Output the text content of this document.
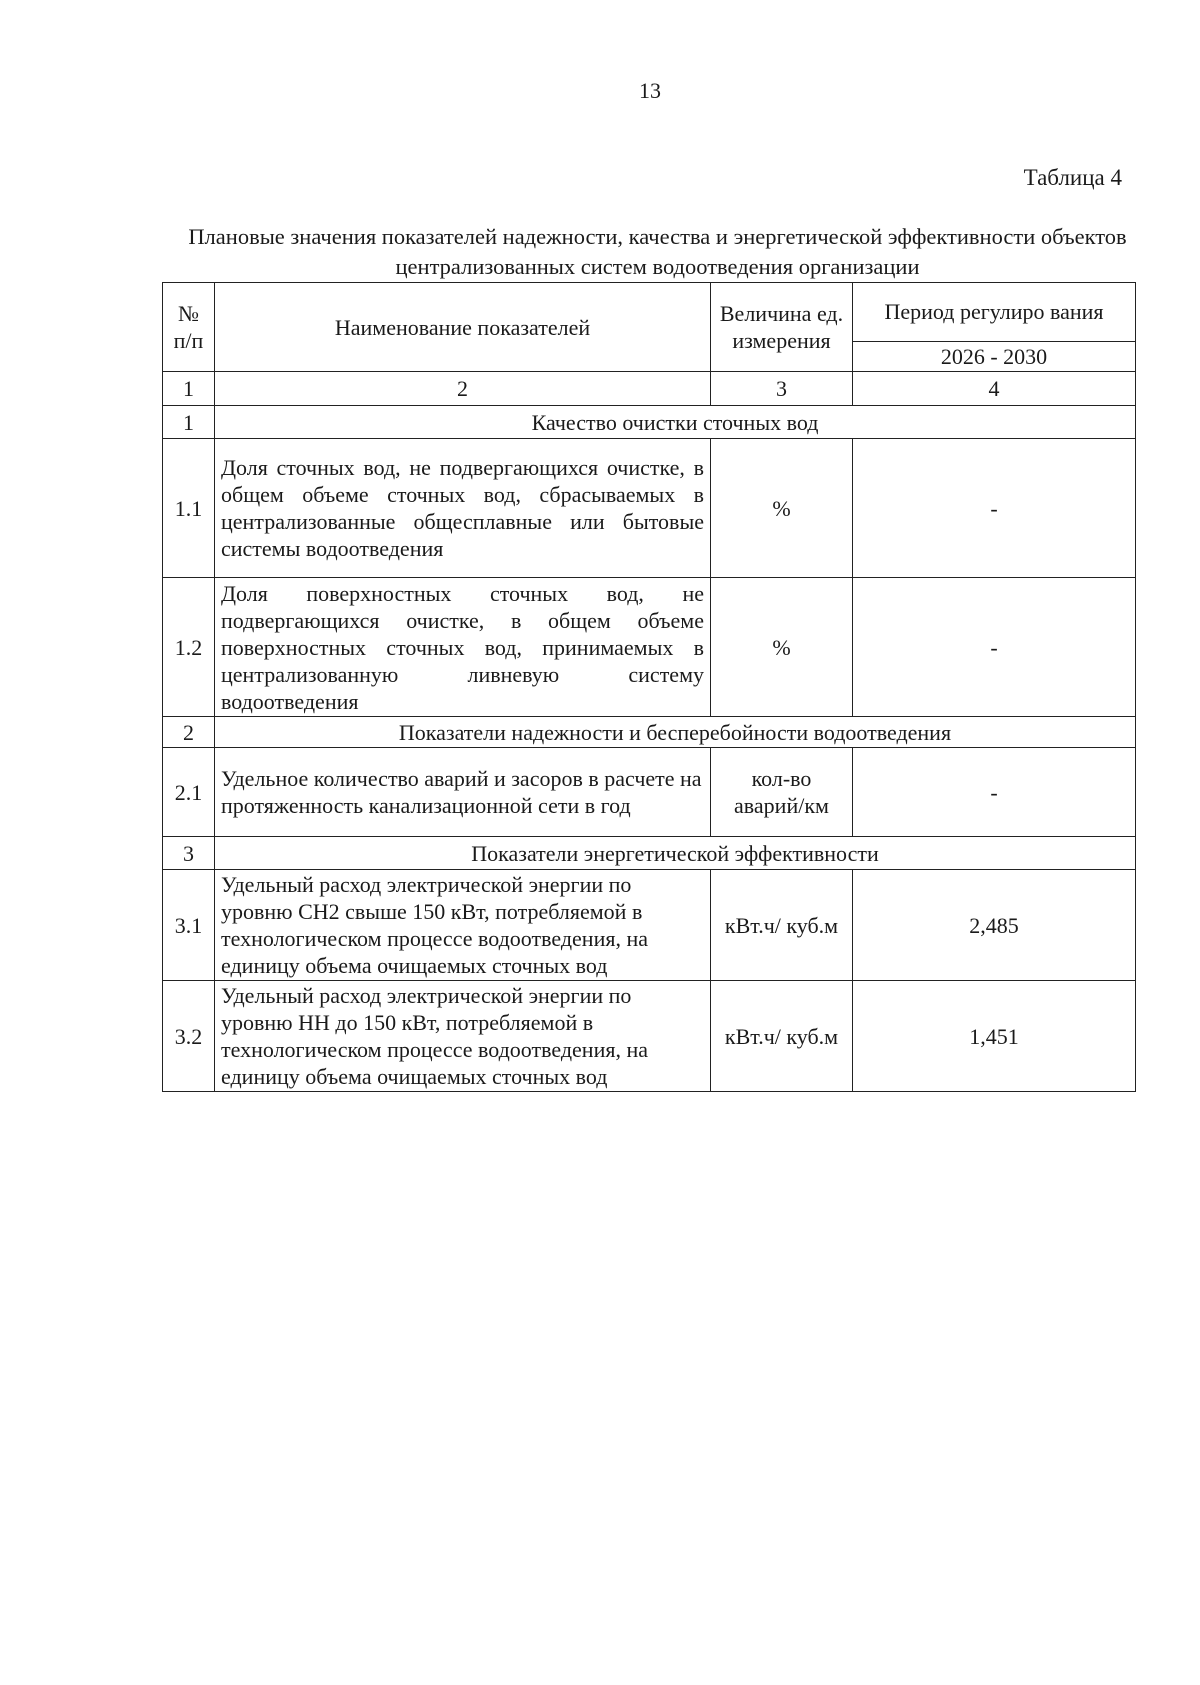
13
Таблица 4
Плановые значения показателей надежности, качества и энергетической эффективности объектов централизованных систем водоотведения организации
№ п/п	Наименование показателей	Величина ед. измерения	Период регулиро вания
			2026 - 2030
1	2	3	4
1	Качество очистки сточных вод		
1.1	Доля сточных вод, не подвергающихся очистке, в общем объеме сточных вод, сбрасываемых в централизованные общесплавные или бытовые системы водоотведения	%	-
1.2	Доля поверхностных сточных вод, не подвергающихся очистке, в общем объеме поверхностных сточных вод, принимаемых в централизованную ливневую систему водоотведения	%	-
2	Показатели надежности и бесперебойности водоотведения		
2.1	Удельное количество аварий и засоров в расчете на протяженность канализационной сети в год	кол-во аварий/км	-
3	Показатели энергетической эффективности		
3.1	Удельный расход электрической энергии по уровню СН2 свыше 150 кВт, потребляемой в технологическом процессе водоотведения, на единицу объема очищаемых сточных вод	кВт.ч/ куб.м	2,485
3.2	Удельный расход электрической энергии по уровню НН до 150 кВт, потребляемой в технологическом процессе водоотведения, на единицу объема очищаемых сточных вод	кВт.ч/ куб.м	1,451
